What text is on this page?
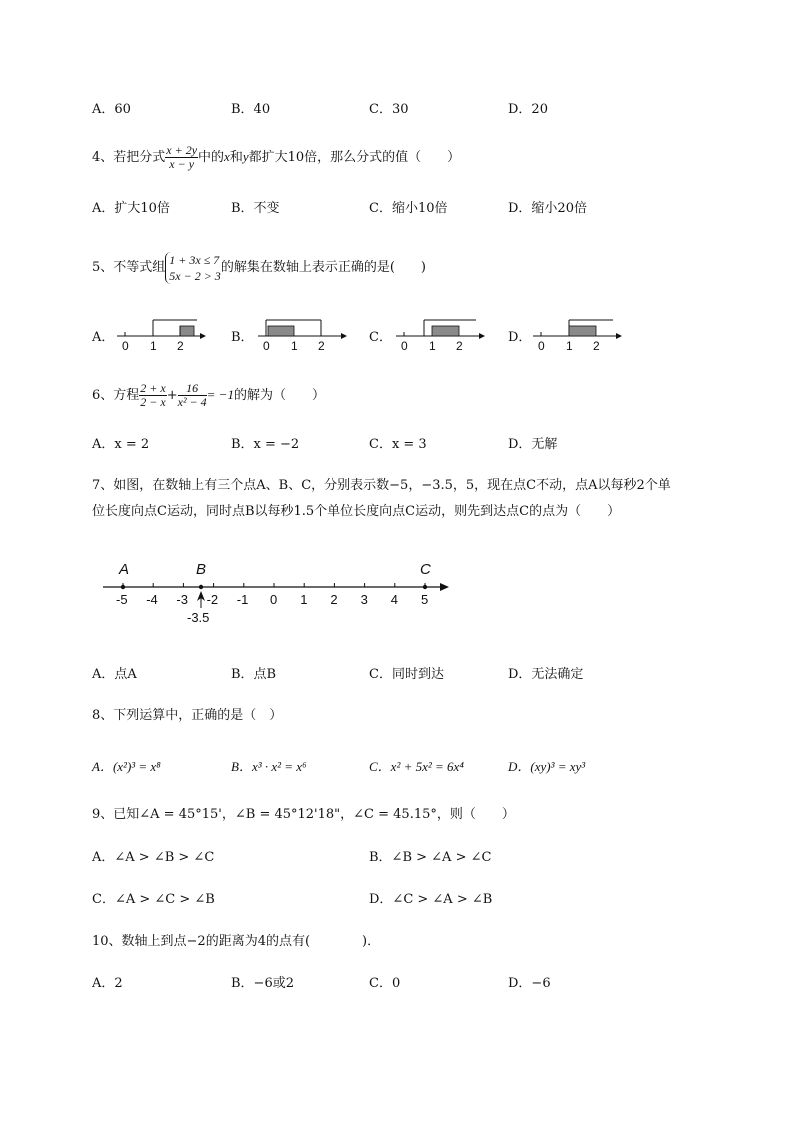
A．60	B．40	C．30	D．20
4、若把分式 $\frac{x + 2y}{x - y}$ 中的x和y都扩大10倍，那么分式的值（　　）
A．扩大10倍	B．不变	C．缩小10倍	D．缩小20倍
5、不等式组
1 + 3x ≤ 7
5x − 2 > 3
的解集在数轴上表示正确的是(　　)
A．
0 1 2
B．
0 1 2
C．
0 1 2
D．
0 1 2
6、方程 $\frac{2 + x}{2 - x} + \frac{16}{\text{x² − 4}} = -1$的解为（　　）
A．x = 2	B．x = −2	C．x = 3	D．无解
7、如图，在数轴上有三个点A、B、C，分别表示数−5，−3.5，5，现在点C不动，点A以每秒2个单
位长度向点C运动，同时点B以每秒1.5个单位长度向点C运动，则先到达点C的点为（　　）
-5 -4 -3 -2 -1 0 1 2 3 4 5
A	B	C
-3.5
A．点A	B．点B	C．同时到达	D．无法确定
8、下列运算中，正确的是（　）
A．(x²)³ = x⁸	B．x³ · x² = x⁶	C．x² + 5x² = 6x⁴	D．(xy)³ = xy³
9、已知∠A = 45°15'，∠B = 45°12'18"，∠C = 45.15°，则（　　）
A．∠A > ∠B > ∠C	B．∠B > ∠A > ∠C
C．∠A > ∠C > ∠B	D．∠C > ∠A > ∠B
10、数轴上到点−2的距离为4的点有(　　　　)．
A．2	B．−6或2	C．0	D．−6
